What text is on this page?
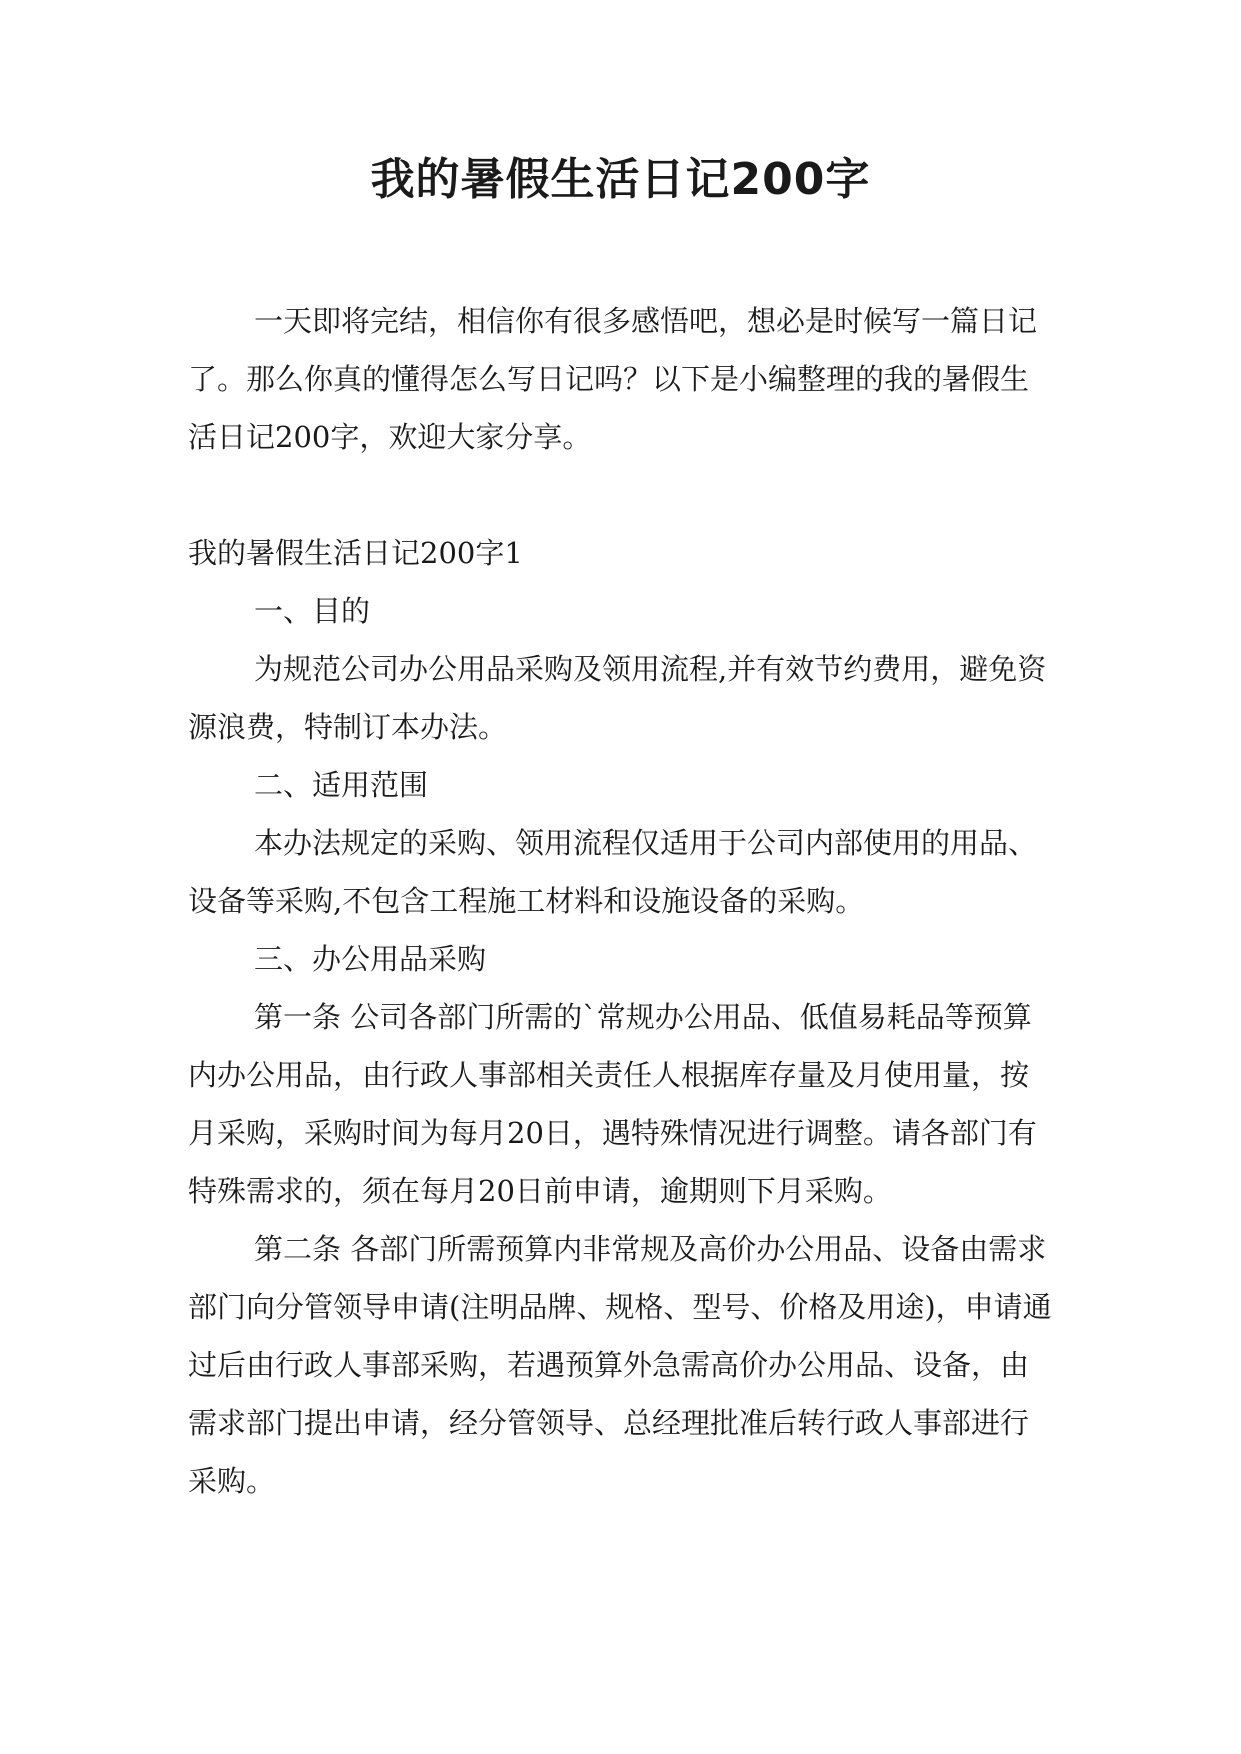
我的暑假生活日记200字

一天即将完结，相信你有很多感悟吧，想必是时候写一篇日记了。那么你真的懂得怎么写日记吗？以下是小编整理的我的暑假生活日记200字，欢迎大家分享。

我的暑假生活日记200字1

一、目的

为规范公司办公用品采购及领用流程,并有效节约费用，避免资源浪费，特制订本办法。

二、适用范围

本办法规定的采购、领用流程仅适用于公司内部使用的用品、设备等采购,不包含工程施工材料和设施设备的采购。

三、办公用品采购

第一条 公司各部门所需的`常规办公用品、低值易耗品等预算内办公用品，由行政人事部相关责任人根据库存量及月使用量，按月采购，采购时间为每月20日，遇特殊情况进行调整。请各部门有特殊需求的，须在每月20日前申请，逾期则下月采购。

第二条 各部门所需预算内非常规及高价办公用品、设备由需求部门向分管领导申请(注明品牌、规格、型号、价格及用途)，申请通过后由行政人事部采购，若遇预算外急需高价办公用品、设备，由需求部门提出申请，经分管领导、总经理批准后转行政人事部进行采购。
